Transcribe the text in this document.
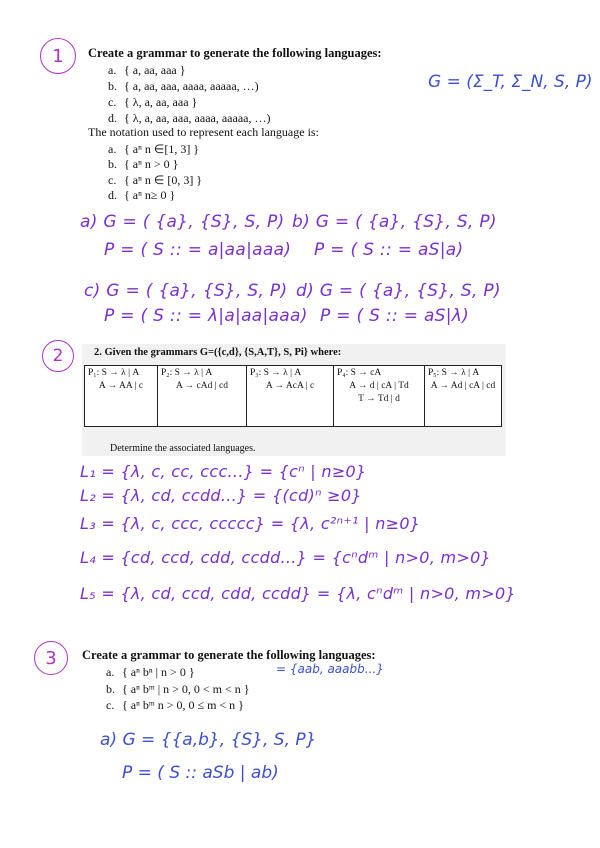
1 Create a grammar to generate the following languages:
a. { a, aa, aaa }
b. { a, aa, aaa, aaaa, aaaaa, …)
c. { λ, a, aa, aaa }
d. { λ, a, aa, aaa, aaaa, aaaaa, …)
The notation used to represent each language is:
a. { aⁿ n ∈[1, 3] }
b. { aⁿ n > 0 }
c. { aⁿ n ∈ [0, 3] }
d. { aⁿ n≥ 0 }
G = (Σ_T, Σ_N, S, P)
a) G = ( {a}, {S}, S, P)
P = ( S :: = a|aa|aaa)
b) G = ( {a}, {S}, S, P)
P = ( S :: = aS|a)
c) G = ( {a}, {S}, S, P)
P = ( S :: = λ|a|aa|aaa)
d) G = ( {a}, {S}, S, P)
P = ( S :: = aS|λ)
2	2. Given the grammars G=({c,d}, {S,A,T}, S, Pi} where:
P₁: S → λ | A
A → AA | c

P₂: S → λ | A
A → cAd | cd

P₃: S → λ | A
A → AcA | c

P₄: S → cA
A → d | cA | Td
T → Td | d

P₅: S → λ | A
A → Ad | cA | cd
Determine the associated languages.
L₁ = {λ, c, cc, ccc...} = {cⁿ | n≥0}
L₂ = {λ, cd, ccdd...} = {(cd)ⁿ ≥0}
L₃ = {λ, c, ccc, ccccc} = {λ, c²ⁿ⁺¹ | n≥0}
L₄ = {cd, ccd, cdd, ccdd...} = {cⁿdᵐ | n>0, m>0}
L₅ = {λ, cd, ccd, cdd, ccdd} = {λ, cⁿdᵐ | n>0, m>0}
3 Create a grammar to generate the following languages:
a. { aⁿ bⁿ | n > 0 }
b. { aⁿ bᵐ | n > 0, 0 < m < n }
c. { aⁿ bᵐ n > 0, 0 ≤ m < n }
= {aab, aaabb...}
a) G = {{a,b}, {S}, S, P}
P = ( S :: aSb | ab)
